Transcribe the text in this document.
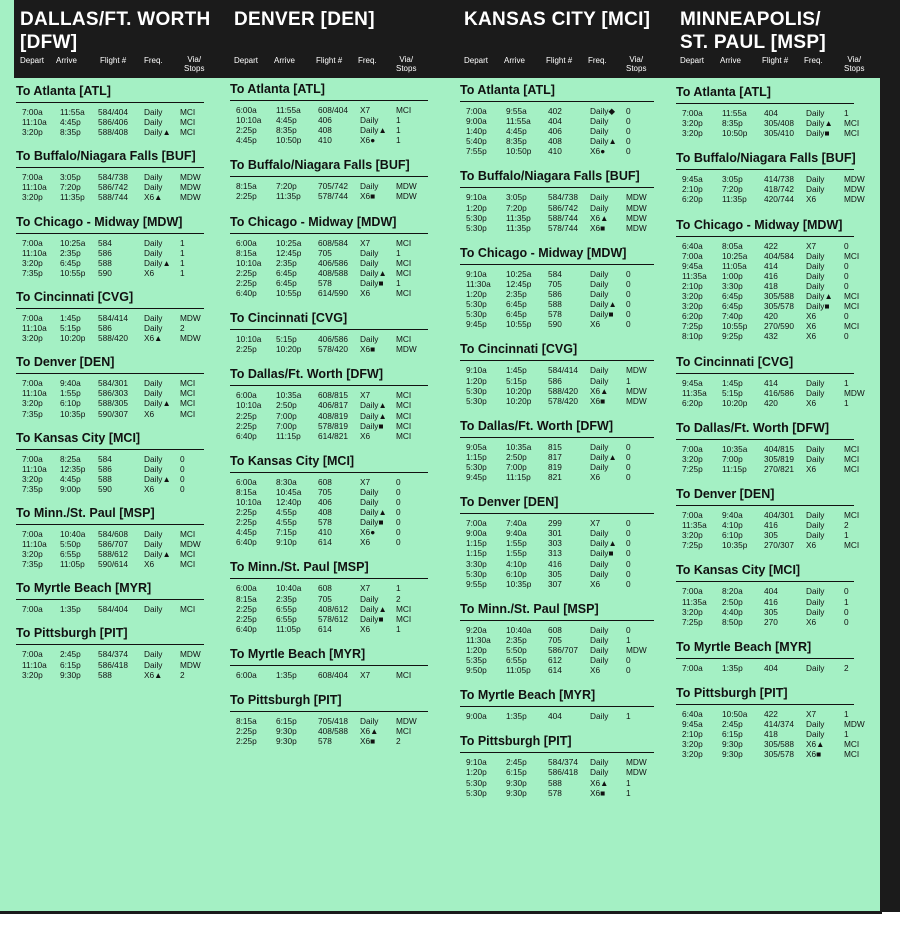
DALLAS/FT. WORTH
[DFW]
Depart Arrive	Flight # Freq.	Via/
Stops
To Atlanta [ATL]
7:00a 11:55a 584/404 Daily MCI
11:10a 4:45p 586/406 Daily MCI
3:20p 8:35p 588/408 Daily▲ MCI
To Buffalo/Niagara Falls [BUF]
7:00a 3:05p 584/738 Daily MDW
11:10a 7:20p 586/742 Daily MDW
3:20p 11:35p 588/744 X6▲ MDW
To Chicago - Midway [MDW]
7:00a 10:25a 584	Daily 1
11:10a 2:35p 586	Daily 1
3:20p 6:45p 588	Daily▲ 1
7:35p 10:55p 590	X6	1
To Cincinnati [CVG]
7:00a 1:45p 584/414 Daily MDW
11:10a 5:15p 586	Daily 2
3:20p 10:20p 588/420 X6▲ MDW
To Denver [DEN]
7:00a 9:40a 584/301 Daily MCI
11:10a 1:55p 586/303 Daily MCI
3:20p 6:10p 588/305 Daily▲ MCI
7:35p 10:35p 590/307 X6	MCI
To Kansas City [MCI]
7:00a 8:25a 584	Daily 0
11:10a 12:35p 586	Daily 0
3:20p 4:45p 588	Daily▲ 0
7:35p 9:00p 590	X6	0
To Minn./St. Paul [MSP]
7:00a 10:40a 584/608 Daily MCI
11:10a 5:50p 586/707 Daily MDW
3:20p 6:55p 588/612 Daily▲ MCI
7:35p 11:05p 590/614 X6	MCI
To Myrtle Beach [MYR]
7:00a 1:35p 584/404 Daily MCI
To Pittsburgh [PIT]
7:00a 2:45p 584/374 Daily MDW
11:10a 6:15p 586/418 Daily MDW
3:20p 9:30p 588	X6▲ 2
DENVER [DEN]
Depart Arrive	Flight # Freq.	Via/
Stops
To Atlanta [ATL]
6:00a 11:55a 608/404 X7	MCI
10:10a 4:45p	406	Daily 1
2:25p 8:35p	408	Daily▲ 1
4:45p 10:50p 410	X6●	1
To Buffalo/Niagara Falls [BUF]
8:15a 7:20p	705/742 Daily MDW
2:25p 11:35p 578/744 X6■	MDW
To Chicago - Midway [MDW]
6:00a 10:25a 608/584 X7	MCI
8:15a 12:45p 705	Daily 1
10:10a 2:35p	406/586 Daily MCI
2:25p 6:45p	408/588 Daily▲ MCI
2:25p 6:45p	578	Daily■ 1
6:40p 10:55p 614/590 X6	MCI
To Cincinnati [CVG]
10:10a 5:15p	406/586 Daily MCI
2:25p 10:20p 578/420 X6■	MDW
To Dallas/Ft. Worth [DFW]
6:00a 10:35a 608/815 X7	MCI
10:10a 2:50p	406/817 Daily▲ MCI
2:25p 7:00p	408/819 Daily▲ MCI
2:25p 7:00p	578/819 Daily■ MCI
6:40p 11:15p 614/821 X6	MCI
To Kansas City [MCI]
6:00a 8:30a	608	X7	0
8:15a 10:45a 705	Daily 0
10:10a 12:40p 406	Daily 0
2:25p 4:55p	408	Daily▲ 0
2:25p 4:55p	578	Daily■ 0
4:45p 7:15p	410	X6●	0
6:40p 9:10p	614	X6	0
To Minn./St. Paul [MSP]
6:00a 10:40a 608	X7	1
8:15a 2:35p	705	Daily 2
2:25p 6:55p	408/612 Daily▲ MCI
2:25p 6:55p	578/612 Daily■ MCI
6:40p 11:05p 614	X6	1
To Myrtle Beach [MYR]
6:00a 1:35p	608/404 X7	MCI
To Pittsburgh [PIT]
8:15a 6:15p	705/418 Daily MDW
2:25p 9:30p	408/588 X6▲ MCI
2:25p 9:30p	578	X6■	2
KANSAS CITY [MCI]
Depart Arrive	Flight # Freq.	Via/
Stops
To Atlanta [ATL]
7:00a 9:55a	402	Daily◆ 0
9:00a 11:55a 404	Daily 0
1:40p 4:45p	406	Daily 0
5:40p 8:35p	408	Daily▲ 0
7:55p 10:50p 410	X6●	0
To Buffalo/Niagara Falls [BUF]
9:10a 3:05p	584/738 Daily MDW
1:20p 7:20p	586/742 Daily MDW
5:30p 11:35p 588/744 X6▲ MDW
5:30p 11:35p 578/744 X6■	MDW
To Chicago - Midway [MDW]
9:10a 10:25a 584	Daily 0
11:30a 12:45p 705	Daily 0
1:20p 2:35p	586	Daily 0
5:30p 6:45p	588	Daily▲ 0
5:30p 6:45p	578	Daily■ 0
9:45p 10:55p 590	X6	0
To Cincinnati [CVG]
9:10a 1:45p	584/414 Daily MDW
1:20p 5:15p	586	Daily 1
5:30p 10:20p 588/420 X6▲ MDW
5:30p 10:20p 578/420 X6■	MDW
To Dallas/Ft. Worth [DFW]
9:05a 10:35a 815	Daily 0
1:15p 2:50p	817	Daily▲ 0
5:30p 7:00p	819	Daily 0
9:45p 11:15p 821	X6	0
To Denver [DEN]
7:00a 7:40a	299	X7	0
9:00a 9:40a	301	Daily 0
1:15p 1:55p	303	Daily▲ 0
1:15p 1:55p	313	Daily■ 0
3:30p 4:10p	416	Daily 0
5:30p 6:10p	305	Daily 0
9:55p 10:35p 307	X6	0
To Minn./St. Paul [MSP]
9:20a 10:40a 608	Daily 0
11:30a 2:35p	705	Daily 1
1:20p 5:50p	586/707 Daily MDW
5:35p 6:55p	612	Daily 0
9:50p 11:05p 614	X6	0
To Myrtle Beach [MYR]
9:00a 1:35p	404	Daily 1
To Pittsburgh [PIT]
9:10a 2:45p	584/374 Daily MDW
1:20p 6:15p	586/418 Daily MDW
5:30p 9:30p	588	X6▲ 1
5:30p 9:30p	578	X6■	1
MINNEAPOLIS/
ST. PAUL [MSP]
Depart Arrive	Flight # Freq.	Via/
Stops
To Atlanta [ATL]
7:00a 11:55a 404	Daily 1
3:20p 8:35p	305/408 Daily▲ MCI
3:20p 10:50p 305/410 Daily■ MCI
To Buffalo/Niagara Falls [BUF]
9:45a 3:05p	414/738 Daily MDW
2:10p 7:20p	418/742 Daily MDW
6:20p 11:35p 420/744 X6	MDW
To Chicago - Midway [MDW]
6:40a 8:05a	422	X7	0
7:00a 10:25a 404/584 Daily MCI
9:45a 11:05a 414	Daily 0
11:35a 1:00p	416	Daily 0
2:10p 3:30p	418	Daily 0
3:20p 6:45p	305/588 Daily▲ MCI
3:20p 6:45p	305/578 Daily■ MCI
6:20p 7:40p	420	X6	0
7:25p 10:55p 270/590 X6	MCI
8:10p 9:25p	432	X6	0
To Cincinnati [CVG]
9:45a 1:45p	414	Daily 1
11:35a 5:15p	416/586 Daily MDW
6:20p 10:20p 420	X6	1
To Dallas/Ft. Worth [DFW]
7:00a 10:35a 404/815 Daily MCI
3:20p 7:00p	305/819 Daily MCI
7:25p 11:15p 270/821 X6	MCI
To Denver [DEN]
7:00a 9:40a	404/301 Daily MCI
11:35a 4:10p	416	Daily 2
3:20p 6:10p	305	Daily 1
7:25p 10:35p 270/307 X6	MCI
To Kansas City [MCI]
7:00a 8:20a	404	Daily 0
11:35a 2:50p	416	Daily 1
3:20p 4:40p	305	Daily 0
7:25p 8:50p	270	X6	0
To Myrtle Beach [MYR]
7:00a 1:35p	404	Daily 2
To Pittsburgh [PIT]
6:40a 10:50a 422	X7	1
9:45a 2:45p	414/374 Daily MDW
2:10p 6:15p	418	Daily 1
3:20p 9:30p	305/588 X6▲ MCI
3:20p 9:30p	305/578 X6■	MCI
